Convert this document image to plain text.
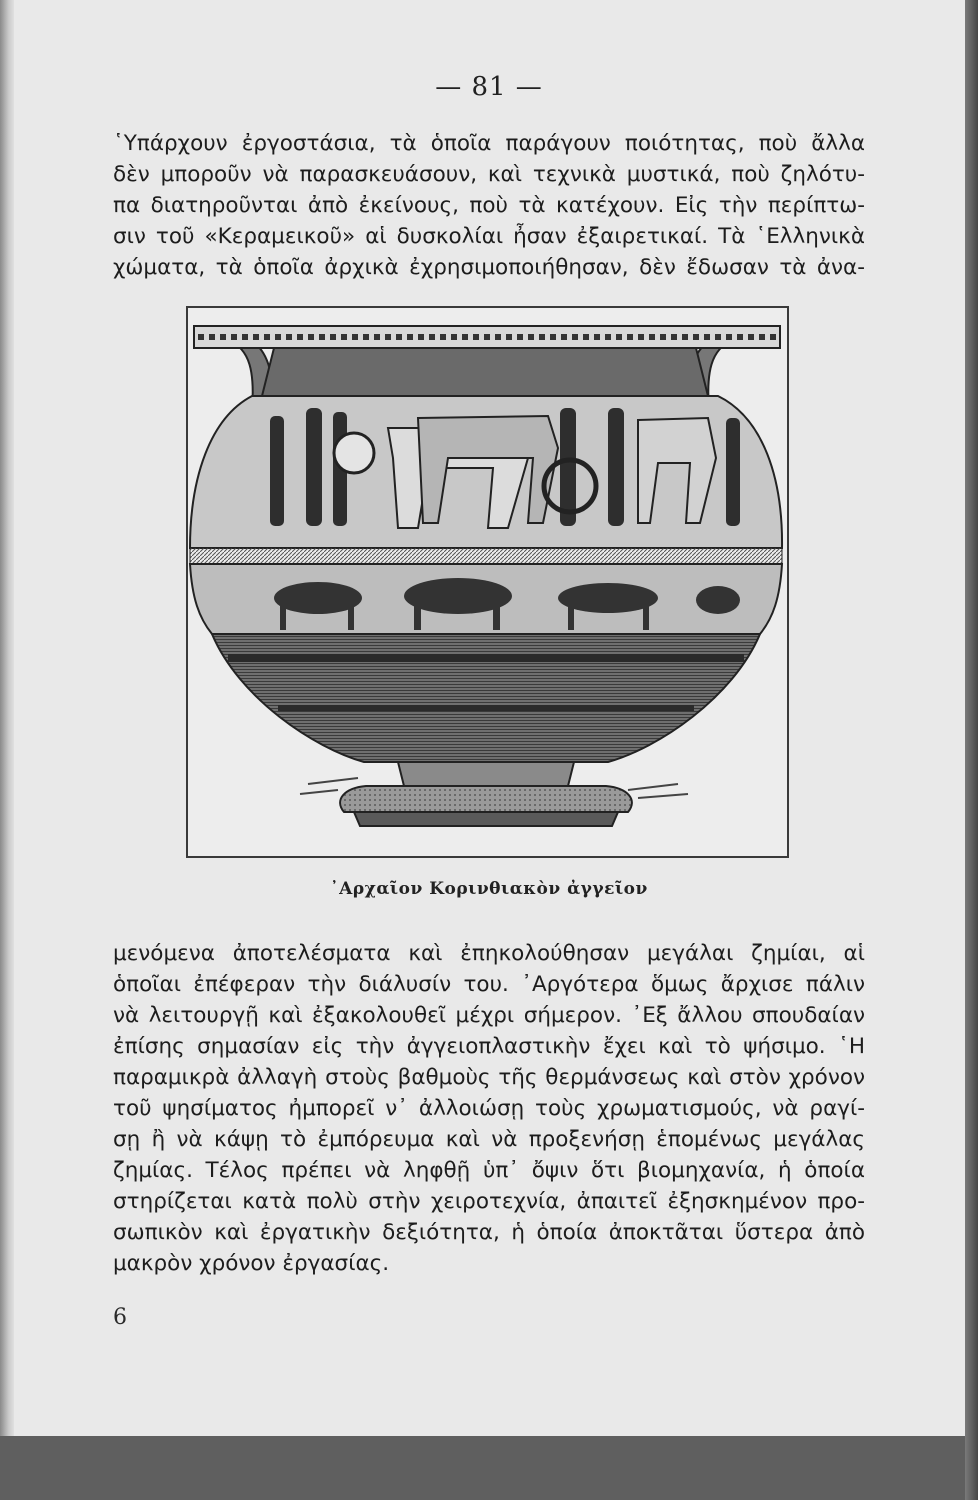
— 81 —
῾Υπάρχουν ἐργοστάσια, τὰ ὁποῖα παράγουν ποιότητας, ποὺ ἄλλα
δὲν μποροῦν νὰ παρασκευάσουν, καὶ τεχνικὰ μυστικά, ποὺ ζηλότυ-
πα διατηροῦνται ἀπὸ ἐκείνους, ποὺ τὰ κατέχουν. Εἰς τὴν περίπτω-
σιν τοῦ «Κεραμεικοῦ» αἱ δυσκολίαι ἦσαν ἐξαιρετικαί. Τὰ ῾Ελληνικὰ
χώματα, τὰ ὁποῖα ἀρχικὰ ἐχρησιμοποιήθησαν, δὲν ἔδωσαν τὰ ἀνα-
᾿Αρχαῖον Κορινθιακὸν ἀγγεῖον
μενόμενα ἀποτελέσματα καὶ ἐπηκολούθησαν μεγάλαι ζημίαι, αἱ
ὁποῖαι ἐπέφεραν τὴν διάλυσίν του. ᾿Αργότερα ὅμως ἄρχισε πάλιν
νὰ λειτουργῇ καὶ ἐξακολουθεῖ μέχρι σήμερον. ᾿Εξ ἄλλου σπουδαίαν
ἐπίσης σημασίαν εἰς τὴν ἀγγειοπλαστικὴν ἔχει καὶ τὸ ψήσιμο. ῾Η
παραμικρὰ ἀλλαγὴ στοὺς βαθμοὺς τῆς θερμάνσεως καὶ στὸν χρόνον
τοῦ ψησίματος ἠμπορεῖ ν᾿ ἀλλοιώσῃ τοὺς χρωματισμούς, νὰ ραγί-
σῃ ἢ νὰ κάψῃ τὸ ἐμπόρευμα καὶ νὰ προξενήσῃ ἑπομένως μεγάλας
ζημίας. Τέλος πρέπει νὰ ληφθῇ ὑπ᾿ ὄψιν ὅτι βιομηχανία, ἡ ὁποία
στηρίζεται κατὰ πολὺ στὴν χειροτεχνία, ἀπαιτεῖ ἐξησκημένον προ-
σωπικὸν καὶ ἐργατικὴν δεξιότητα, ἡ ὁποία ἀποκτᾶται ὕστερα ἀπὸ
μακρὸν χρόνον ἐργασίας.
6
